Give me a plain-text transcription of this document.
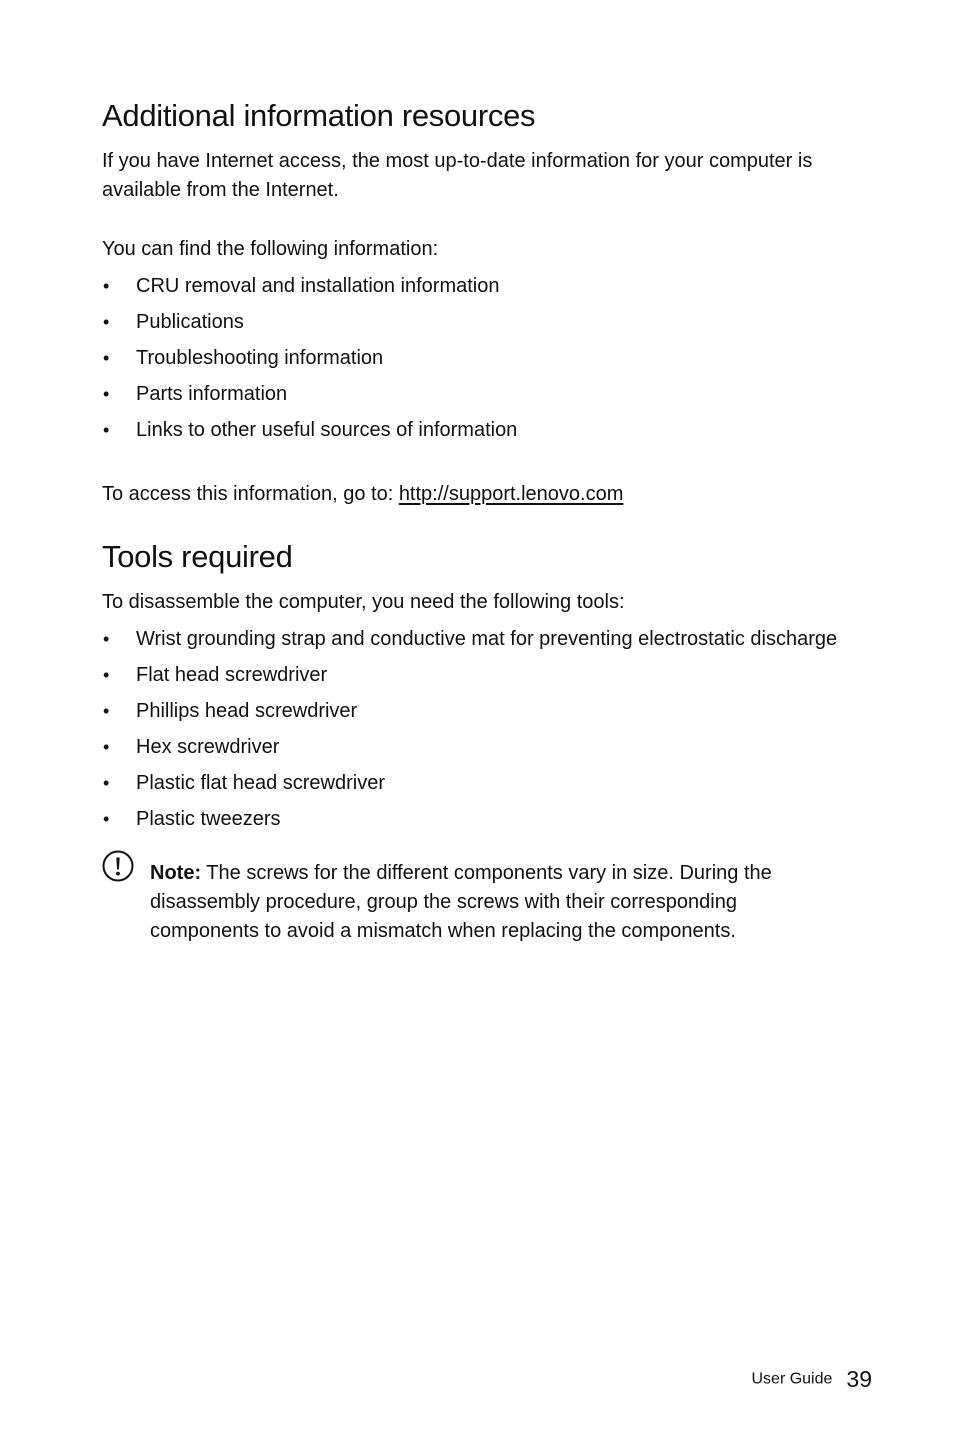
Additional information resources

If you have Internet access, the most up-to-date information for your computer is available from the Internet.

You can find the following information:

• CRU removal and installation information
• Publications
• Troubleshooting information
• Parts information
• Links to other useful sources of information

To access this information, go to: http://support.lenovo.com

Tools required

To disassemble the computer, you need the following tools:

• Wrist grounding strap and conductive mat for preventing electrostatic discharge
• Flat head screwdriver
• Phillips head screwdriver
• Hex screwdriver
• Plastic flat head screwdriver
• Plastic tweezers

Note: The screws for the different components vary in size. During the disassembly procedure, group the screws with their corresponding components to avoid a mismatch when replacing the components.

User Guide 39
